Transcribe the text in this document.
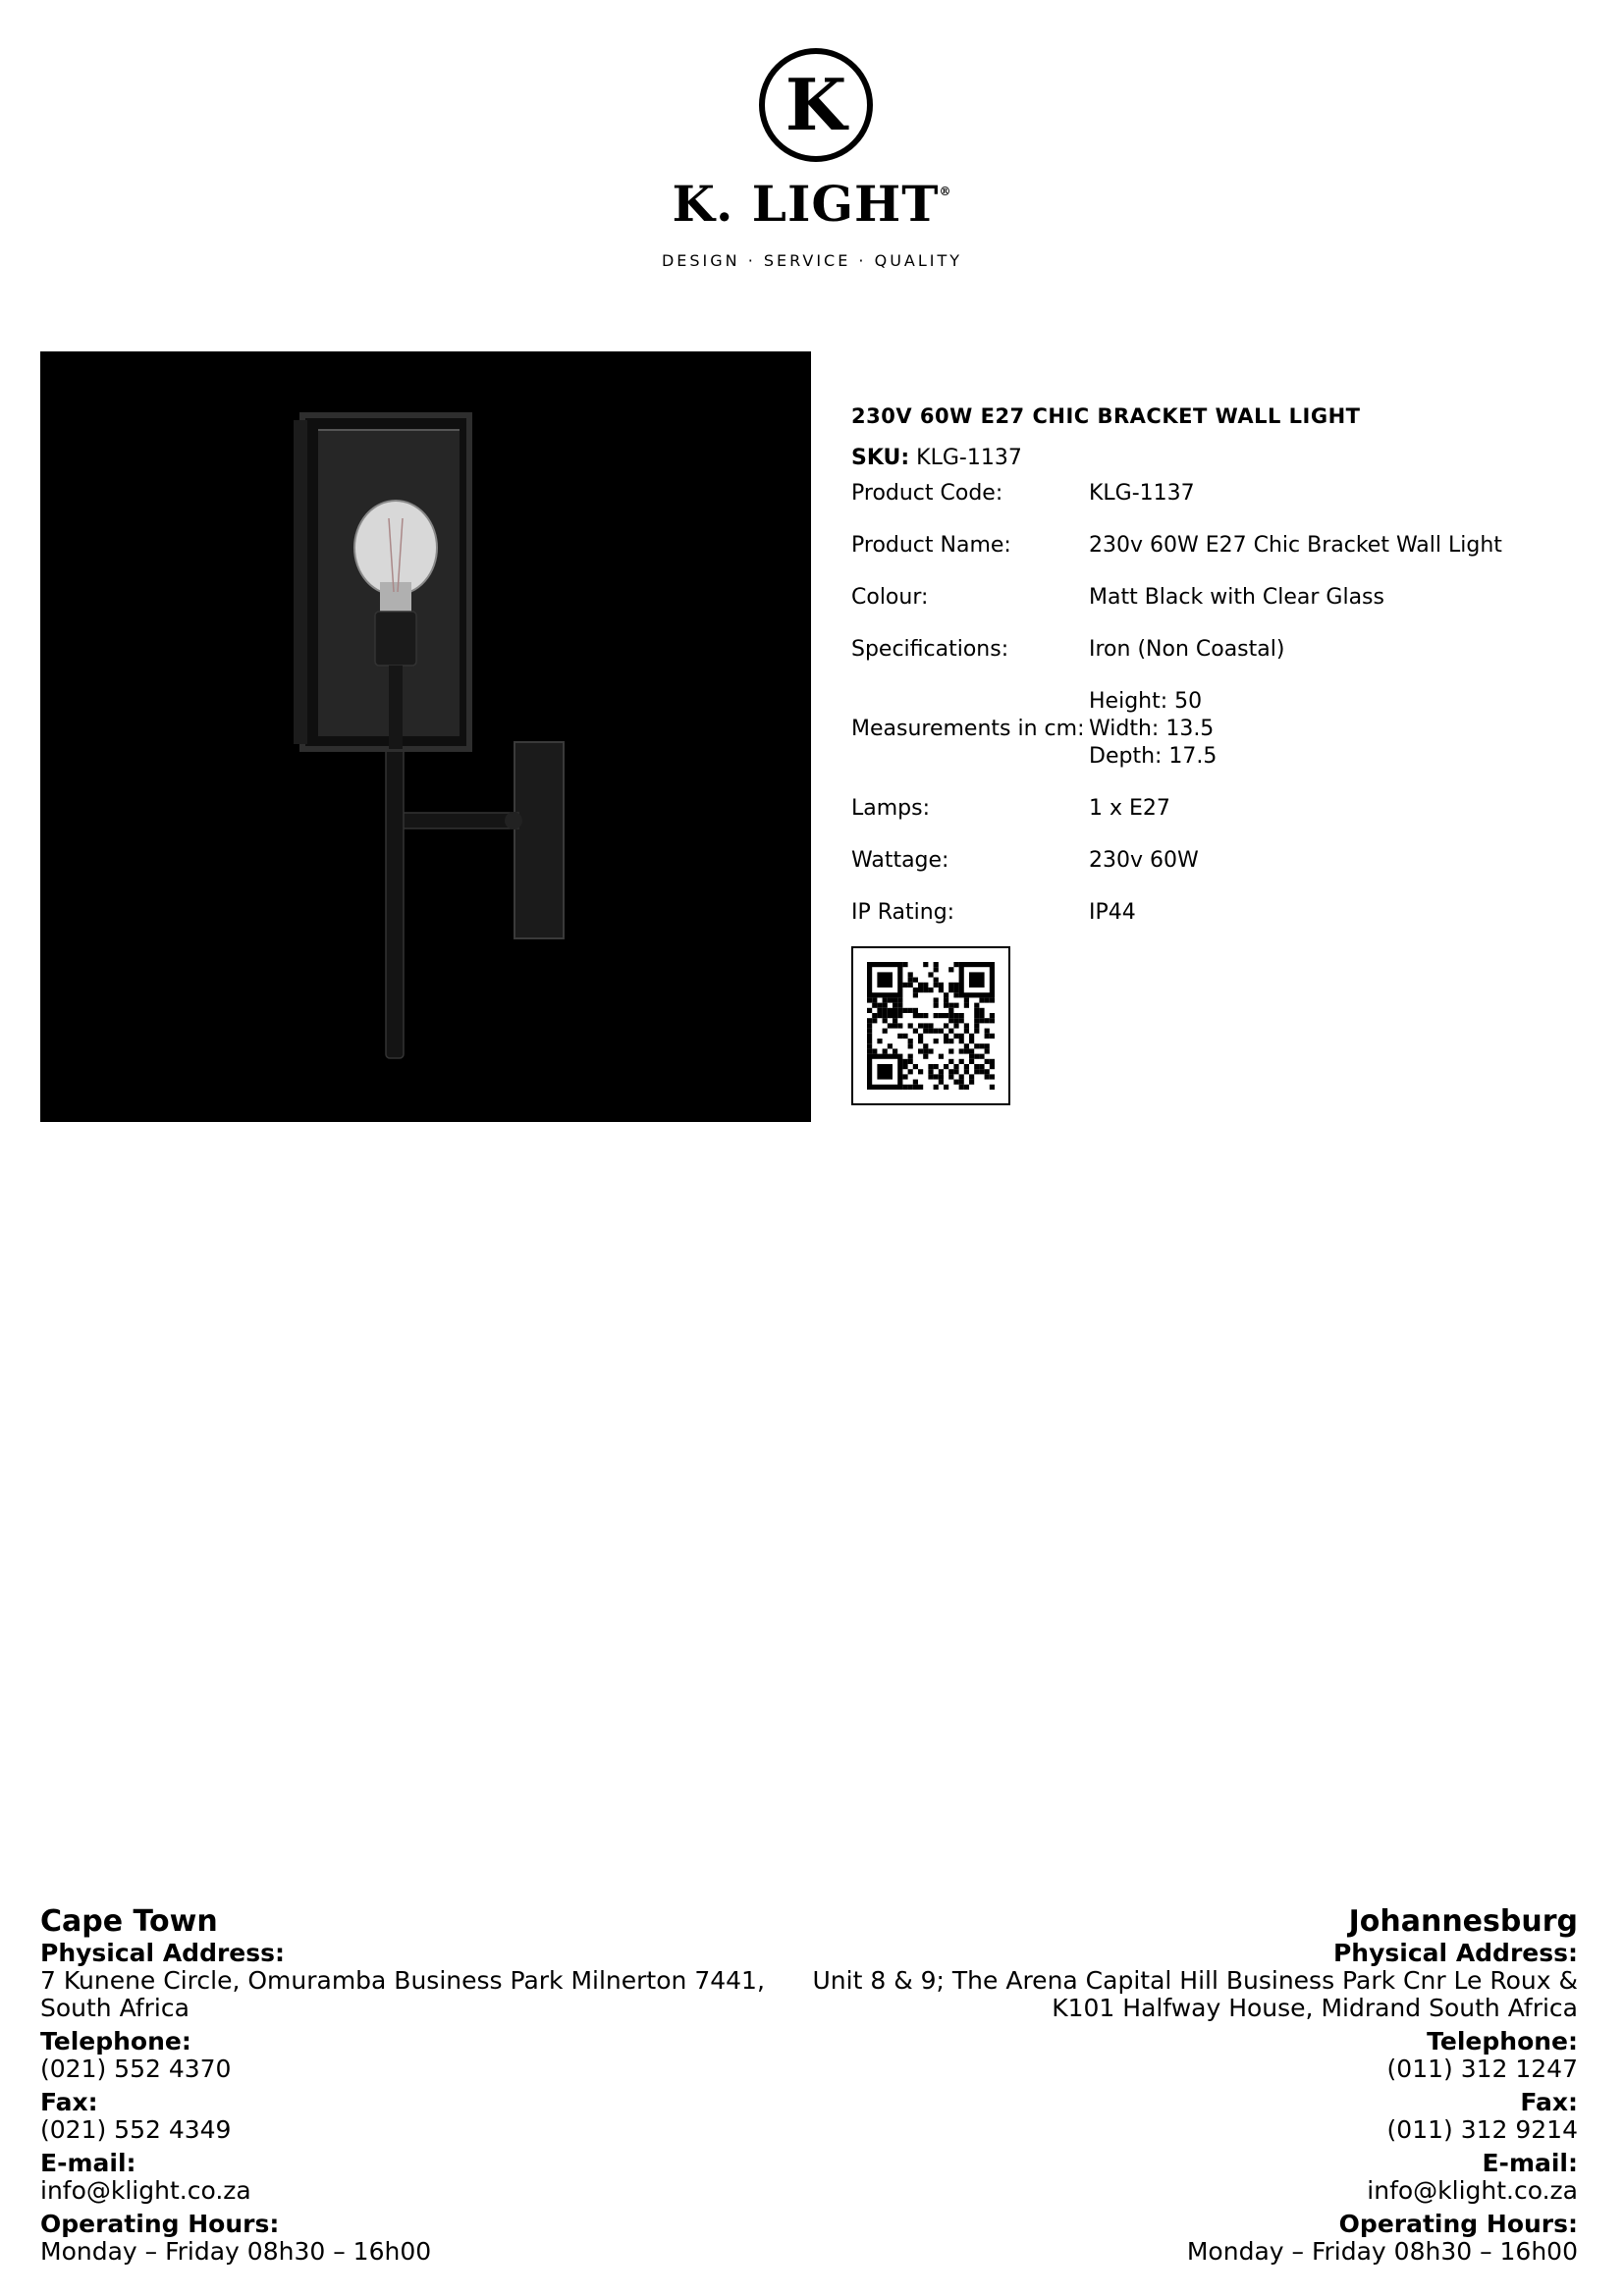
K
K. LIGHT®
DESIGN · SERVICE · QUALITY
230V 60W E27 CHIC BRACKET WALL LIGHT
SKU: KLG-1137
Product Code:	KLG-1137
Product Name:	230v 60W E27 Chic Bracket Wall Light
Colour:	Matt Black with Clear Glass
Specifications:	Iron (Non Coastal)
Measurements in cm:	Height: 50
Width: 13.5
Depth: 17.5

Lamps:	1 x E27
Wattage:	230v 60W
IP Rating:	IP44
Cape Town
Physical Address:
7 Kunene Circle, Omuramba Business Park Milnerton 7441, South Africa
Telephone:
(021) 552 4370
Fax:
(021) 552 4349
E-mail:
info@klight.co.za
Operating Hours:
Monday – Friday 08h30 – 16h00
Johannesburg
Physical Address:
Unit 8 & 9; The Arena Capital Hill Business Park Cnr Le Roux & K101 Halfway House, Midrand South Africa
Telephone:
(011) 312 1247
Fax:
(011) 312 9214
E-mail:
info@klight.co.za
Operating Hours:
Monday – Friday 08h30 – 16h00
